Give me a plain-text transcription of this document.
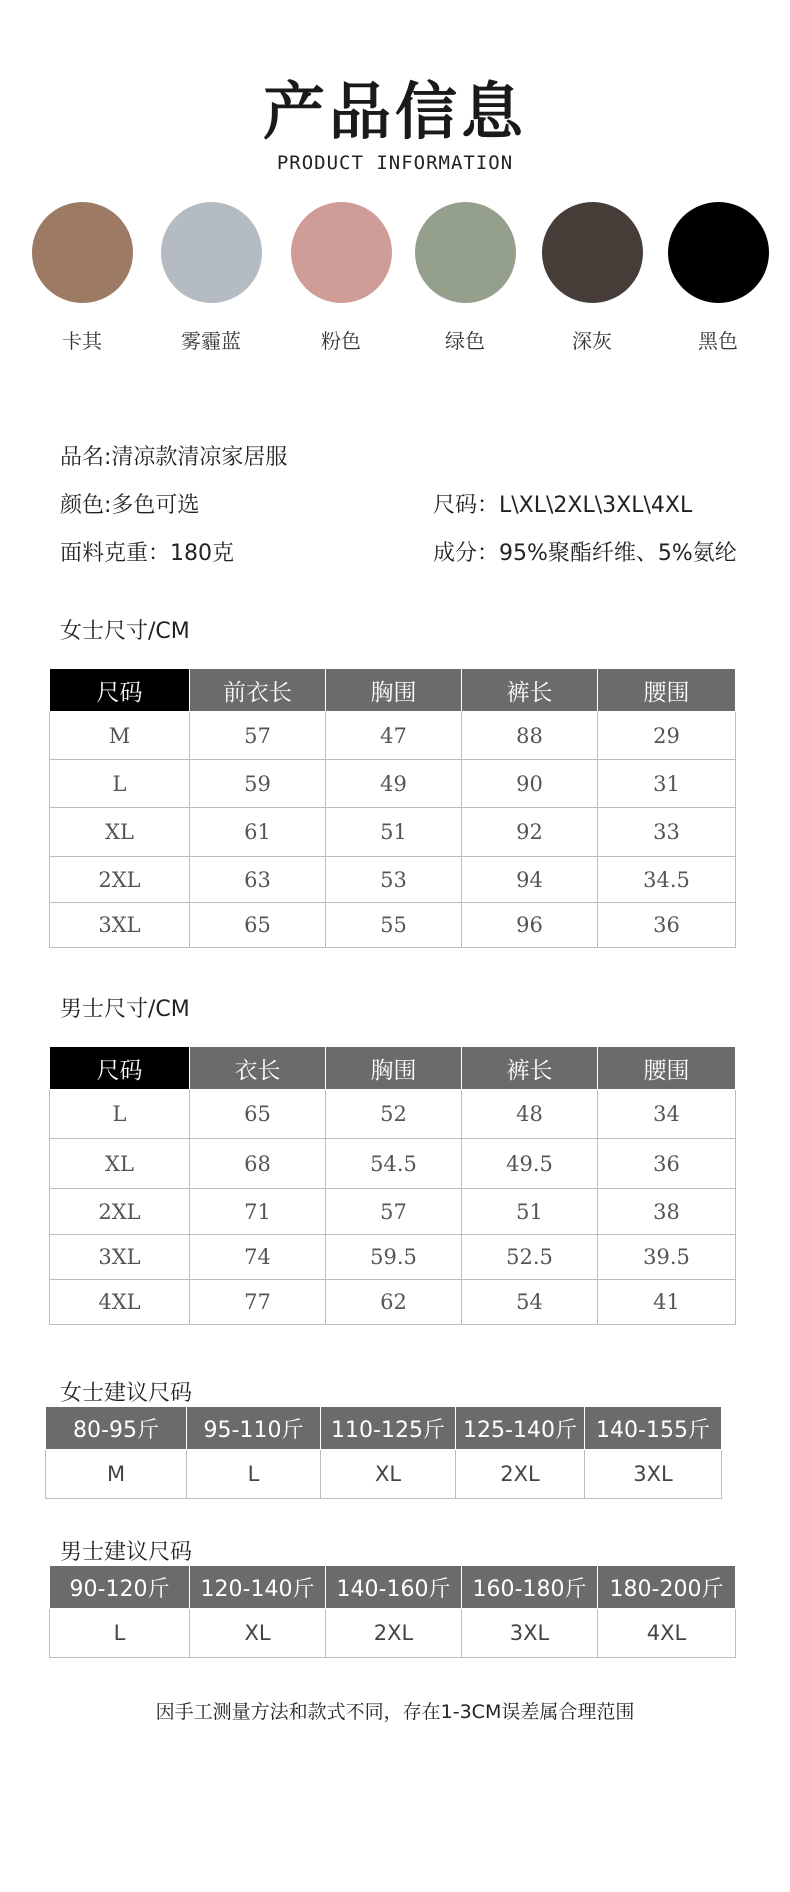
产品信息
PRODUCT INFORMATION
卡其	雾霾蓝	粉色	绿色	深灰	黑色
品名:清凉款清凉家居服
颜色:多色可选	尺码：L\XL\2XL\3XL\4XL
面料克重：180克	成分：95%聚酯纤维、5%氨纶
女士尺寸/CM
尺码	前衣长	胸围	裤长	腰围
M	57	47	88	29
L	59	49	90	31
XL	61	51	92	33
2XL	63	53	94	34.5
3XL	65	55	96	36
男士尺寸/CM
尺码	衣长	胸围	裤长	腰围
L	65	52	48	34
XL	68	54.5	49.5	36
2XL	71	57	51	38
3XL	74	59.5	52.5	39.5
4XL	77	62	54	41
女士建议尺码
80-95斤	95-110斤	110-125斤	125-140斤	140-155斤
M	L	XL	2XL	3XL
男士建议尺码
90-120斤	120-140斤	140-160斤	160-180斤	180-200斤
L	XL	2XL	3XL	4XL
因手工测量方法和款式不同，存在1-3CM误差属合理范围
